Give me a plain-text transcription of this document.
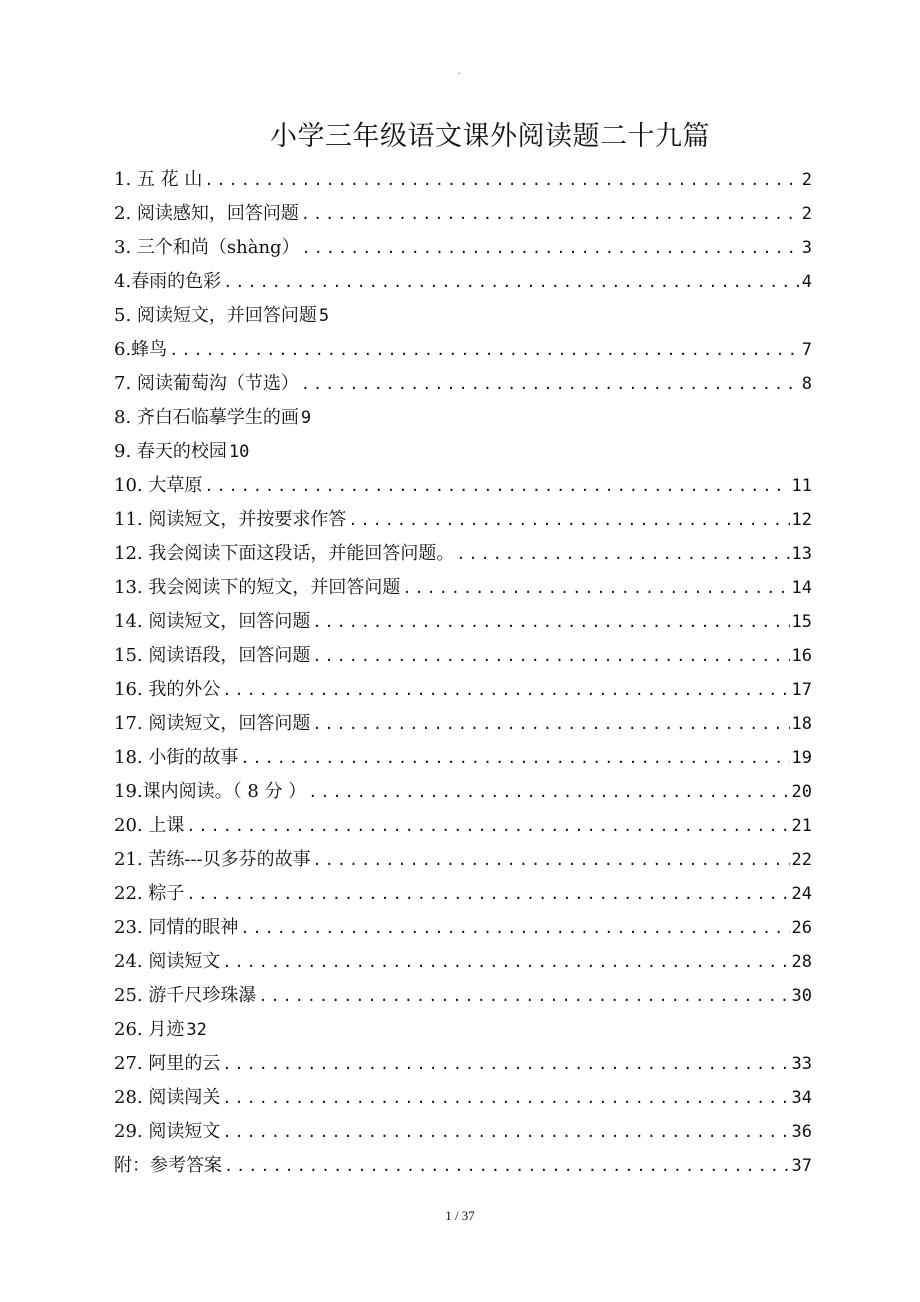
.
小学三年级语文课外阅读题二十九篇
1. 五 花 山 .....	2
2. 阅读感知，回答问题 .....	2
3. 三个和尚（shàng） .....	3
4.春雨的色彩 .....	4
5. 阅读短文，并回答问题 5
6.蜂鸟 .....	7
7. 阅读葡萄沟（节选） .....	8
8. 齐白石临摹学生的画 9
9. 春天的校园 10
10. 大草原 .....	11
11. 阅读短文，并按要求作答 .....	12
12. 我会阅读下面这段话，并能回答问题。 .....	13
13. 我会阅读下的短文，并回答问题 .....	14
14. 阅读短文，回答问题 .....	15
15. 阅读语段，回答问题 .....	16
16. 我的外公 .....	17
17. 阅读短文，回答问题 .....	18
18. 小街的故事 .....	19
19.课内阅读。（ 8 分 ） .....	20
20. 上课 .....	21
21. 苦练---贝多芬的故事 .....	22
22. 粽子 .....	24
23. 同情的眼神 .....	26
24. 阅读短文 .....	28
25. 游千尺珍珠瀑 .....	30
26. 月迹 32
27. 阿里的云 .....	33
28. 阅读闯关 .....	34
29. 阅读短文 .....	36
附：参考答案 .....	37
1 / 37
